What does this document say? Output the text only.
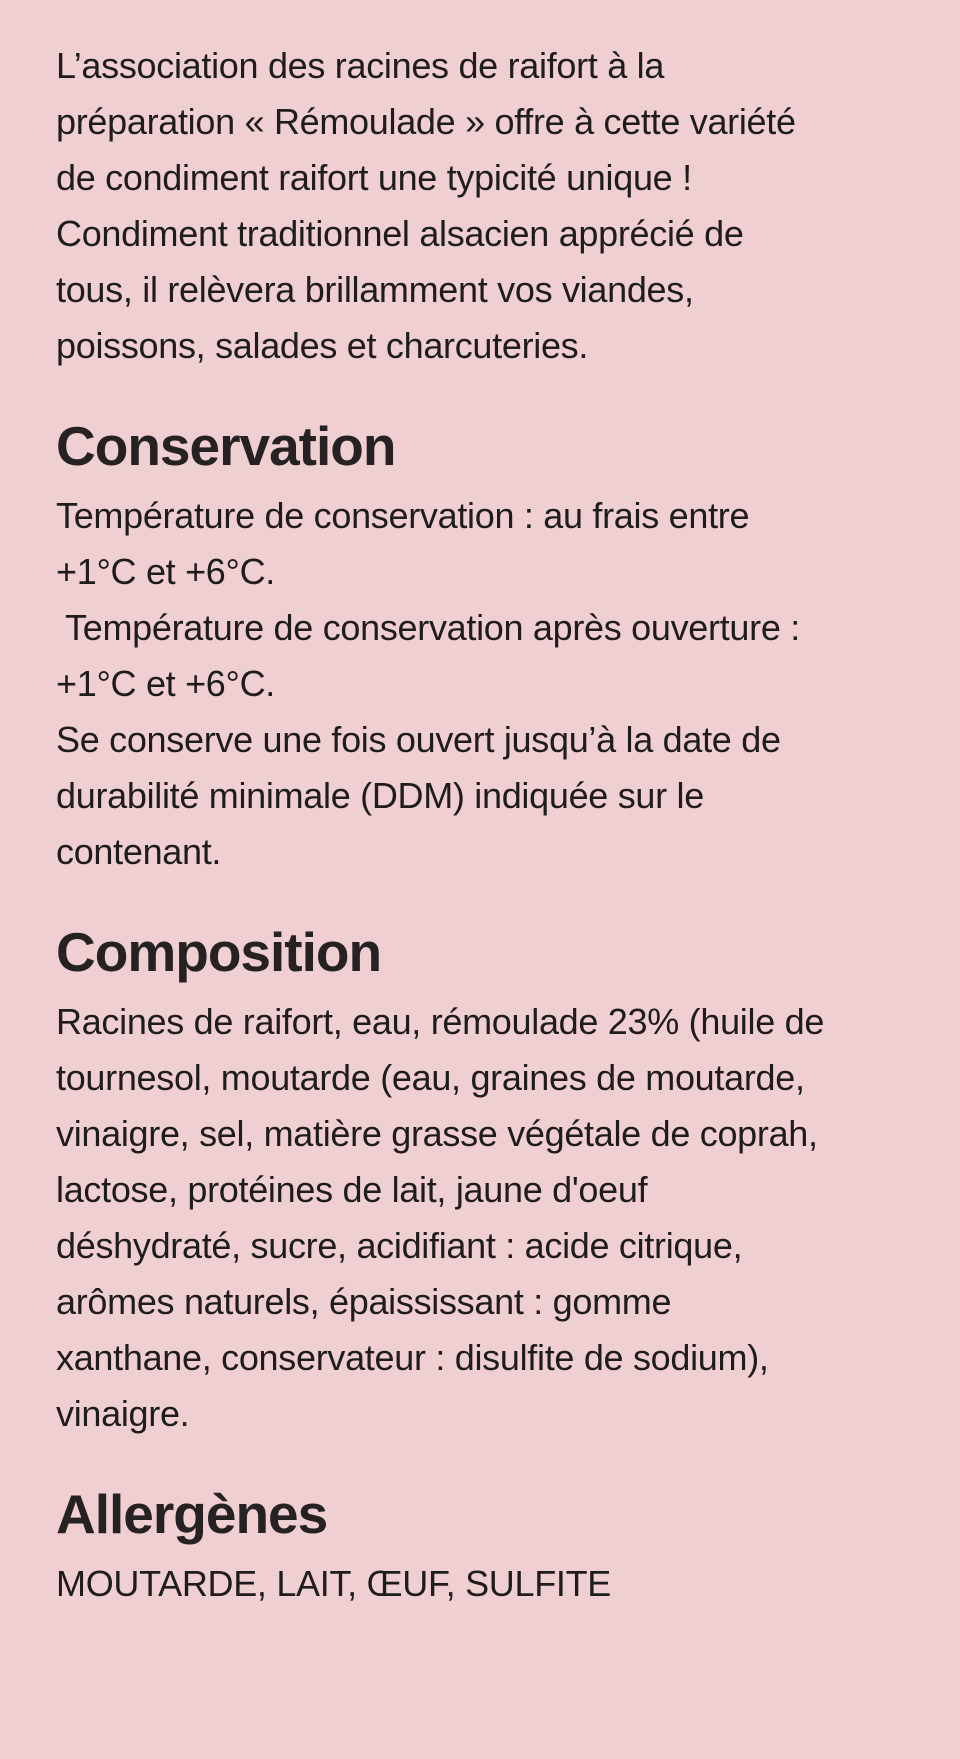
L’association des racines de raifort à la
préparation « Rémoulade » offre à cette variété
de condiment raifort une typicité unique !
Condiment traditionnel alsacien apprécié de
tous, il relèvera brillamment vos viandes,
poissons, salades et charcuteries.

Conservation

Température de conservation : au frais entre
+1°C et +6°C.
Température de conservation après ouverture :
+1°C et +6°C.
Se conserve une fois ouvert jusqu’à la date de
durabilité minimale (DDM) indiquée sur le
contenant.

Composition

Racines de raifort, eau, rémoulade 23% (huile de
tournesol, moutarde (eau, graines de moutarde,
vinaigre, sel, matière grasse végétale de coprah,
lactose, protéines de lait, jaune d'oeuf
déshydraté, sucre, acidifiant : acide citrique,
arômes naturels, épaississant : gomme
xanthane, conservateur : disulfite de sodium),
vinaigre.

Allergènes

MOUTARDE, LAIT, ŒUF, SULFITE
